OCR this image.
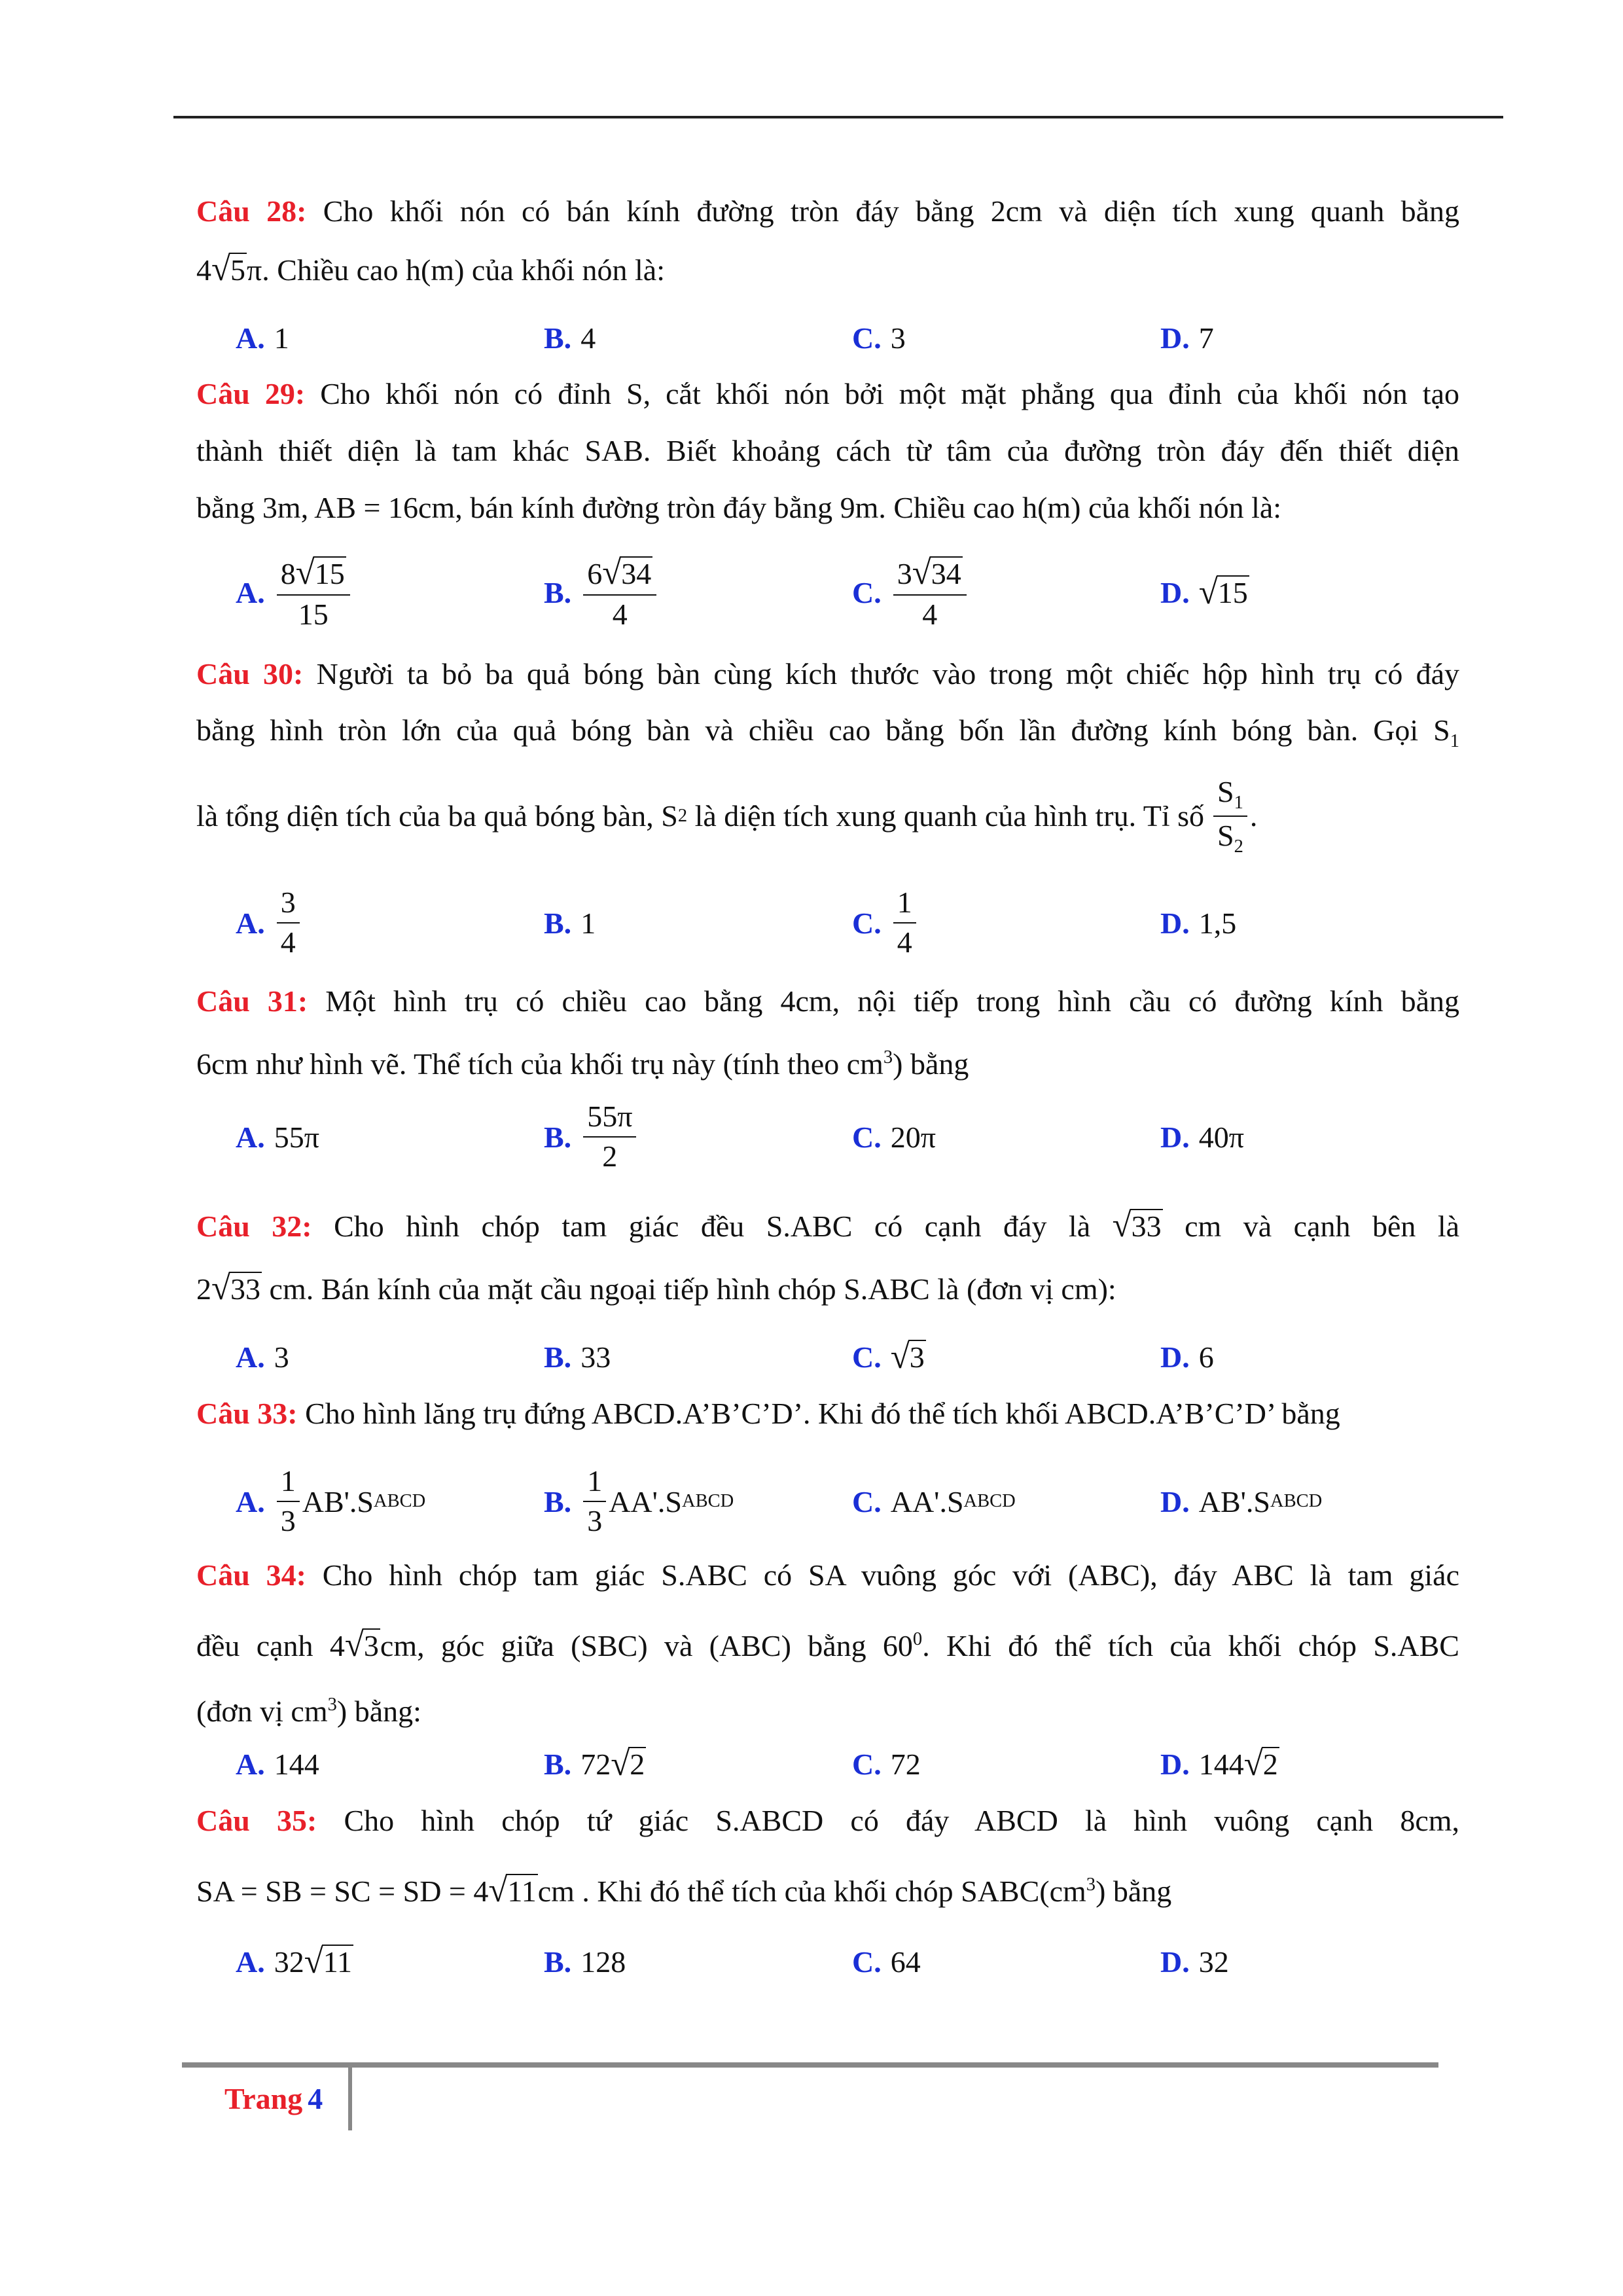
Câu 28: Cho khối nón có bán kính đường tròn đáy bằng 2cm và diện tích xung quanh bằng
4√5π. Chiều cao h(m) của khối nón là:
A. 1	B. 4	C. 3	D. 7
Câu 29: Cho khối nón có đỉnh S, cắt khối nón bởi một mặt phẳng qua đỉnh của khối nón tạo
thành thiết diện là tam khác SAB. Biết khoảng cách từ tâm của đường tròn đáy đến thiết diện
bằng 3m, AB = 16cm, bán kính đường tròn đáy bằng 9m. Chiều cao h(m) của khối nón là:
A. $\frac{8√15}{15}$	B. $\frac{6√34}{4}$	C. $\frac{3√34}{4}$	D. √ 15
Câu 30: Người ta bỏ ba quả bóng bàn cùng kích thước vào trong một chiếc hộp hình trụ có đáy
bằng hình tròn lớn của quả bóng bàn và chiều cao bằng bốn lần đường kính bóng bàn. Gọi $S_1$
là tổng diện tích của ba quả bóng bàn, S 2 là diện tích xung quanh của hình trụ. Tỉ số $\frac{S_1}{S_2}$ .
A. $\frac{3}{4}$	B. 1	C. $\frac{1}{4}$	D. 1,5
Câu 31: Một hình trụ có chiều cao bằng 4cm, nội tiếp trong hình cầu có đường kính bằng
6cm như hình vẽ. Thể tích của khối trụ này (tính theo $cm^3$) bằng
A. 55π	B. $\frac{55\pi}{2}$	C. 20π	D. 40π
Câu 32: Cho hình chóp tam giác đều S.ABC có cạnh đáy là √33 cm và cạnh bên là
2√33 cm. Bán kính của mặt cầu ngoại tiếp hình chóp S.ABC là (đơn vị cm):
A. 3	B. 33	C. √ 3	D. 6
Câu 33: Cho hình lăng trụ đứng ABCD.A’B’C’D’. Khi đó thể tích khối ABCD.A’B’C’D’ bằng
A. $\frac{1}{3} AB'.S$ ABCD	B. $\frac{1}{3} AA'.S$ ABCD	C. AA'.S ABCD	D. AB'.S ABCD
Câu 34: Cho hình chóp tam giác S.ABC có SA vuông góc với (ABC), đáy ABC là tam giác
đều cạnh 4√3cm, góc giữa (SBC) và (ABC) bằng $60^0$. Khi đó thể tích của khối chóp S.ABC
(đơn vị $cm^3$) bằng:
A. 144	B. 72 √ 2	C. 72	D. 144 √ 2
Câu 35: Cho hình chóp tứ giác S.ABCD có đáy ABCD là hình vuông cạnh 8cm,
SA = SB = SC = SD = 4√11cm . Khi đó thể tích của khối chóp $SABC(cm^3)$ bằng
A. 32 √ 11	B. 128	C. 64	D. 32
Trang 4
